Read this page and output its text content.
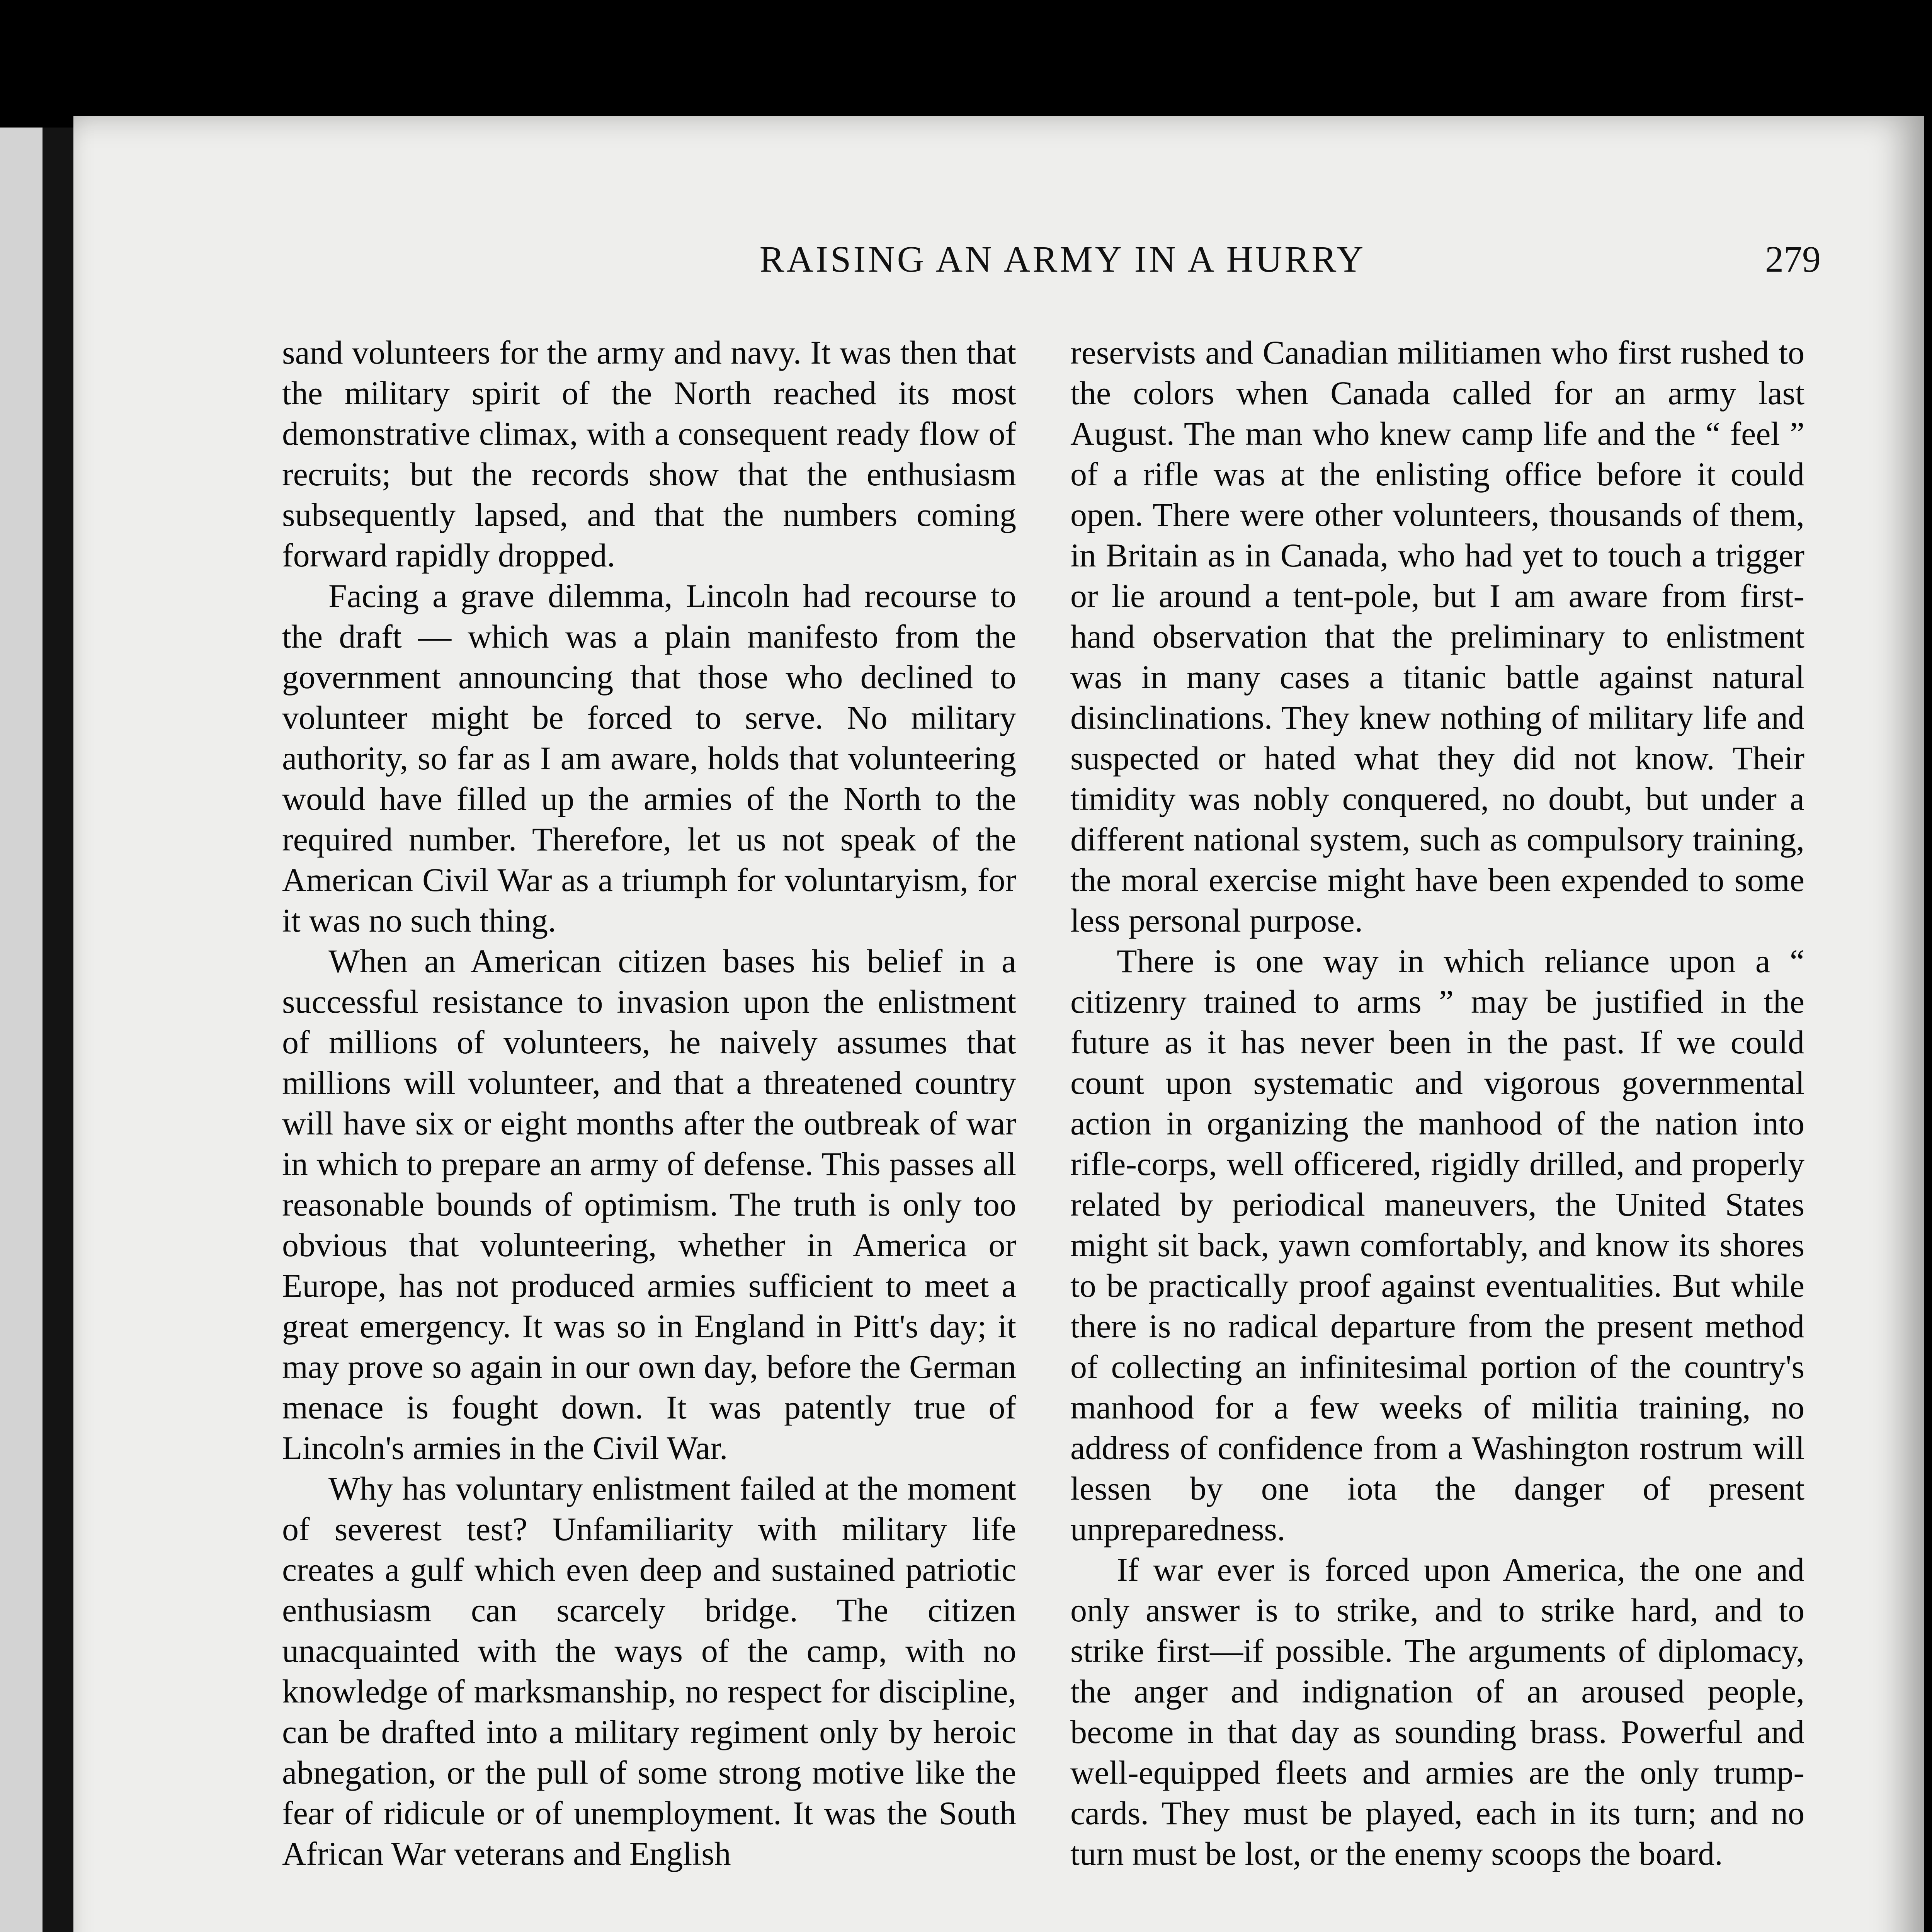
RAISING AN ARMY IN A HURRY	279

sand volunteers for the army and navy. It was then that the military spirit of the North reached its most demonstrative climax, with a consequent ready flow of recruits; but the records show that the enthusiasm subsequently lapsed, and that the numbers coming forward rapidly dropped.

Facing a grave dilemma, Lincoln had recourse to the draft — which was a plain manifesto from the government announcing that those who declined to volunteer might be forced to serve. No military authority, so far as I am aware, holds that volunteering would have filled up the armies of the North to the required number. Therefore, let us not speak of the American Civil War as a triumph for voluntaryism, for it was no such thing.

When an American citizen bases his belief in a successful resistance to invasion upon the enlistment of millions of volunteers, he naively assumes that millions will volunteer, and that a threatened country will have six or eight months after the outbreak of war in which to prepare an army of defense. This passes all reasonable bounds of optimism. The truth is only too obvious that volunteering, whether in America or Europe, has not produced armies sufficient to meet a great emergency. It was so in England in Pitt's day; it may prove so again in our own day, before the German menace is fought down. It was patently true of Lincoln's armies in the Civil War.

Why has voluntary enlistment failed at the moment of severest test? Unfamiliarity with military life creates a gulf which even deep and sustained patriotic enthusiasm can scarcely bridge. The citizen unacquainted with the ways of the camp, with no knowledge of marksmanship, no respect for discipline, can be drafted into a military regiment only by heroic abnegation, or the pull of some strong motive like the fear of ridicule or of unemployment. It was the South African War veterans and English

reservists and Canadian militiamen who first rushed to the colors when Canada called for an army last August. The man who knew camp life and the “ feel ” of a rifle was at the enlisting office before it could open. There were other volunteers, thousands of them, in Britain as in Canada, who had yet to touch a trigger or lie around a tent-pole, but I am aware from first-hand observation that the preliminary to enlistment was in many cases a titanic battle against natural disinclinations. They knew nothing of military life and suspected or hated what they did not know. Their timidity was nobly conquered, no doubt, but under a different national system, such as compulsory training, the moral exercise might have been expended to some less personal purpose.

There is one way in which reliance upon a “ citizenry trained to arms ” may be justified in the future as it has never been in the past. If we could count upon systematic and vigorous governmental action in organizing the manhood of the nation into rifle-corps, well officered, rigidly drilled, and properly related by periodical maneuvers, the United States might sit back, yawn comfortably, and know its shores to be practically proof against eventualities. But while there is no radical departure from the present method of collecting an infinitesimal portion of the country's manhood for a few weeks of militia training, no address of confidence from a Washington rostrum will lessen by one iota the danger of present unpreparedness.

If war ever is forced upon America, the one and only answer is to strike, and to strike hard, and to strike first—if possible. The arguments of diplomacy, the anger and indignation of an aroused people, become in that day as sounding brass. Powerful and well-equipped fleets and armies are the only trump-cards. They must be played, each in its turn; and no turn must be lost, or the enemy scoops the board.
